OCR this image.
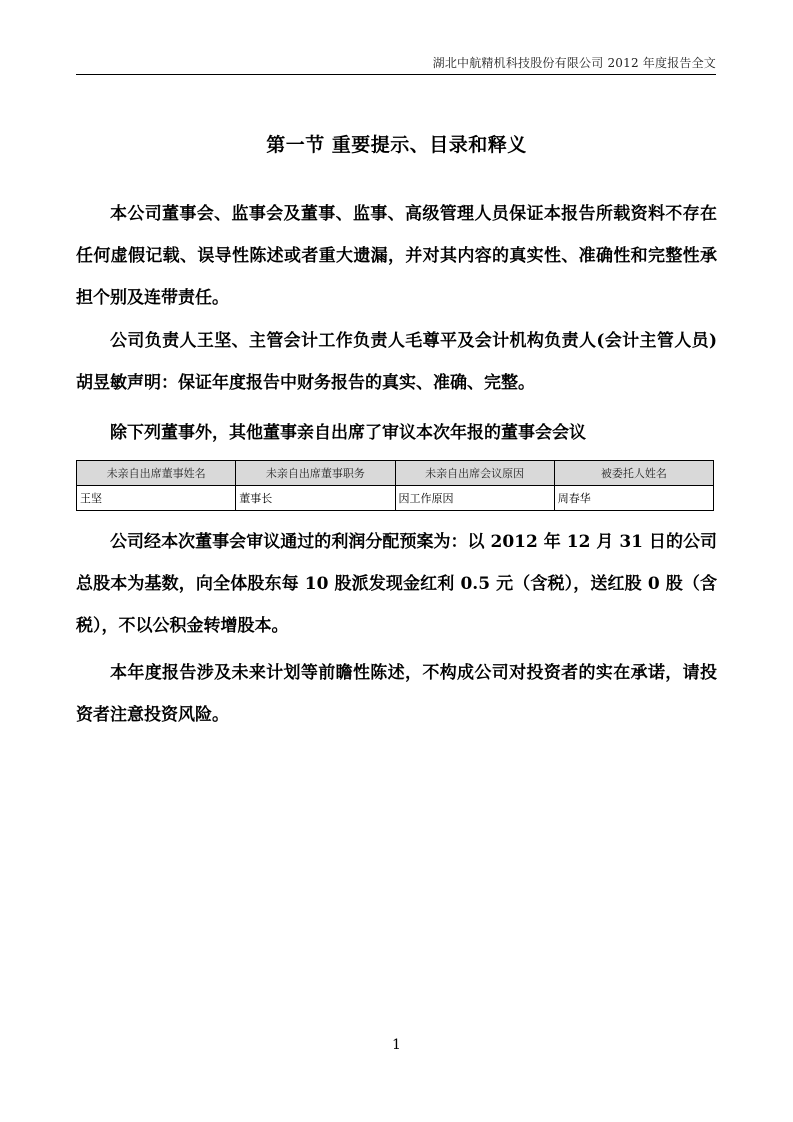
湖北中航精机科技股份有限公司 2012 年度报告全文
第一节 重要提示、目录和释义

本公司董事会、监事会及董事、监事、高级管理人员保证本报告所载资料不存在任何虚假记载、误导性陈述或者重大遗漏，并对其内容的真实性、准确性和完整性承担个别及连带责任。

公司负责人王坚、主管会计工作负责人毛尊平及会计机构负责人(会计主管人员)胡昱敏声明：保证年度报告中财务报告的真实、准确、完整。

除下列董事外，其他董事亲自出席了审议本次年报的董事会会议

未亲自出席董事姓名	未亲自出席董事职务	未亲自出席会议原因	被委托人姓名
王坚	董事长	因工作原因	周春华

公司经本次董事会审议通过的利润分配预案为：以 2012 年 12 月 31 日的公司总股本为基数，向全体股东每 10 股派发现金红利 0.5 元（含税），送红股 0 股（含税），不以公积金转增股本。

本年度报告涉及未来计划等前瞻性陈述，不构成公司对投资者的实在承诺，请投资者注意投资风险。

1
